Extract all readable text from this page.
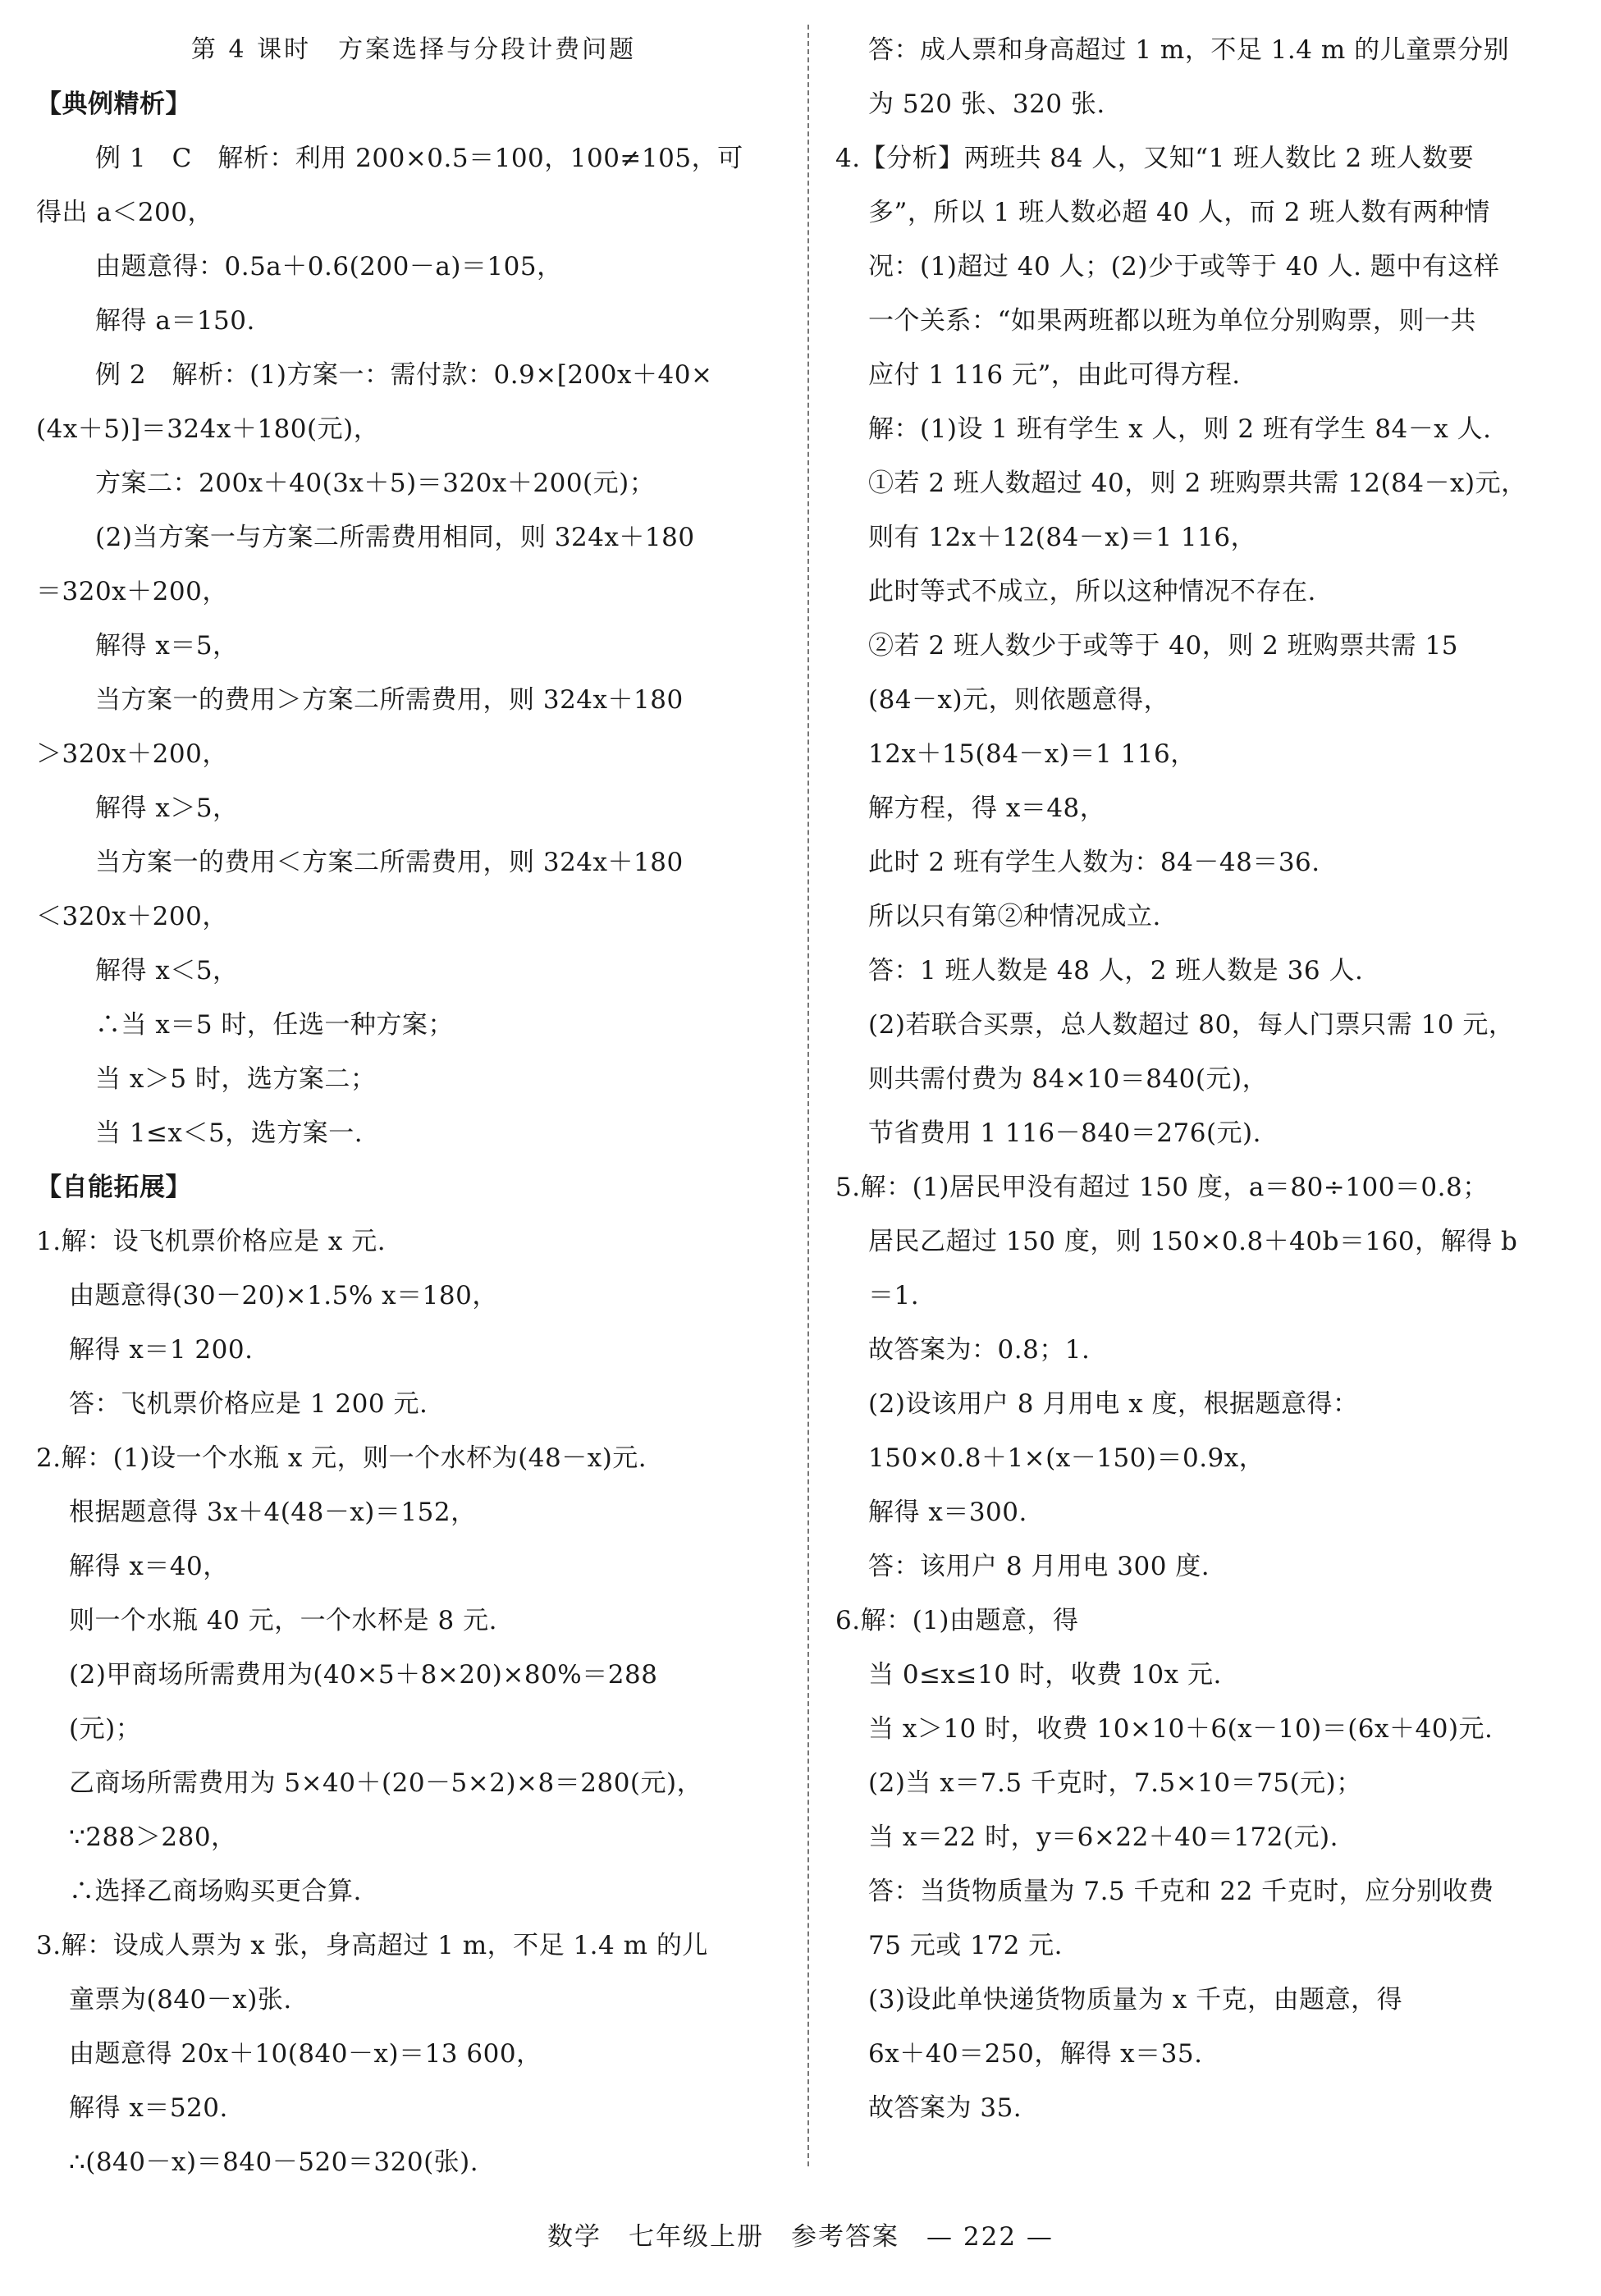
第 4 课时　方案选择与分段计费问题
【典例精析】
例 1　C　解析：利用 200×0.5＝100，100≠105，可
得出 a＜200，
由题意得：0.5a＋0.6(200－a)＝105，
解得 a＝150.
例 2　解析：(1)方案一：需付款：0.9×[200x＋40×
(4x＋5)]＝324x＋180(元)，
方案二：200x＋40(3x＋5)＝320x＋200(元)；
(2)当方案一与方案二所需费用相同，则 324x＋180
＝320x＋200，
解得 x＝5，
当方案一的费用＞方案二所需费用，则 324x＋180
＞320x＋200，
解得 x＞5，
当方案一的费用＜方案二所需费用，则 324x＋180
＜320x＋200，
解得 x＜5，
∴当 x＝5 时，任选一种方案；
当 x＞5 时，选方案二；
当 1≤x＜5，选方案一.
【自能拓展】
1.解：设飞机票价格应是 x 元.
由题意得(30－20)×1.5% x＝180，
解得 x＝1 200.
答：飞机票价格应是 1 200 元.
2.解：(1)设一个水瓶 x 元，则一个水杯为(48－x)元.
根据题意得 3x＋4(48－x)＝152，
解得 x＝40，
则一个水瓶 40 元，一个水杯是 8 元.
(2)甲商场所需费用为(40×5＋8×20)×80%＝288
(元)；
乙商场所需费用为 5×40＋(20－5×2)×8＝280(元)，
∵288＞280，
∴选择乙商场购买更合算.
3.解：设成人票为 x 张，身高超过 1 m，不足 1.4 m 的儿
童票为(840－x)张.
由题意得 20x＋10(840－x)＝13 600，
解得 x＝520.
∴(840－x)＝840－520＝320(张).
答：成人票和身高超过 1 m，不足 1.4 m 的儿童票分别
为 520 张、320 张.
4.【分析】两班共 84 人，又知“1 班人数比 2 班人数要
多”，所以 1 班人数必超 40 人，而 2 班人数有两种情
况：(1)超过 40 人；(2)少于或等于 40 人. 题中有这样
一个关系：“如果两班都以班为单位分别购票，则一共
应付 1 116 元”，由此可得方程.
解：(1)设 1 班有学生 x 人，则 2 班有学生 84－x 人.
①若 2 班人数超过 40，则 2 班购票共需 12(84－x)元，
则有 12x＋12(84－x)＝1 116，
此时等式不成立，所以这种情况不存在.
②若 2 班人数少于或等于 40，则 2 班购票共需 15
(84－x)元，则依题意得，
12x＋15(84－x)＝1 116，
解方程，得 x＝48，
此时 2 班有学生人数为：84－48＝36.
所以只有第②种情况成立.
答：1 班人数是 48 人，2 班人数是 36 人.
(2)若联合买票，总人数超过 80，每人门票只需 10 元，
则共需付费为 84×10＝840(元)，
节省费用 1 116－840＝276(元).
5.解：(1)居民甲没有超过 150 度，a＝80÷100＝0.8；
居民乙超过 150 度，则 150×0.8＋40b＝160，解得 b
＝1.
故答案为：0.8；1.
(2)设该用户 8 月用电 x 度，根据题意得：
150×0.8＋1×(x－150)＝0.9x，
解得 x＝300.
答：该用户 8 月用电 300 度.
6.解：(1)由题意，得
当 0≤x≤10 时，收费 10x 元.
当 x＞10 时，收费 10×10＋6(x－10)＝(6x＋40)元.
(2)当 x＝7.5 千克时，7.5×10＝75(元)；
当 x＝22 时，y＝6×22＋40＝172(元).
答：当货物质量为 7.5 千克和 22 千克时，应分别收费
75 元或 172 元.
(3)设此单快递货物质量为 x 千克，由题意，得
6x＋40＝250，解得 x＝35.
故答案为 35.
数学　七年级上册　参考答案　— 222 —
